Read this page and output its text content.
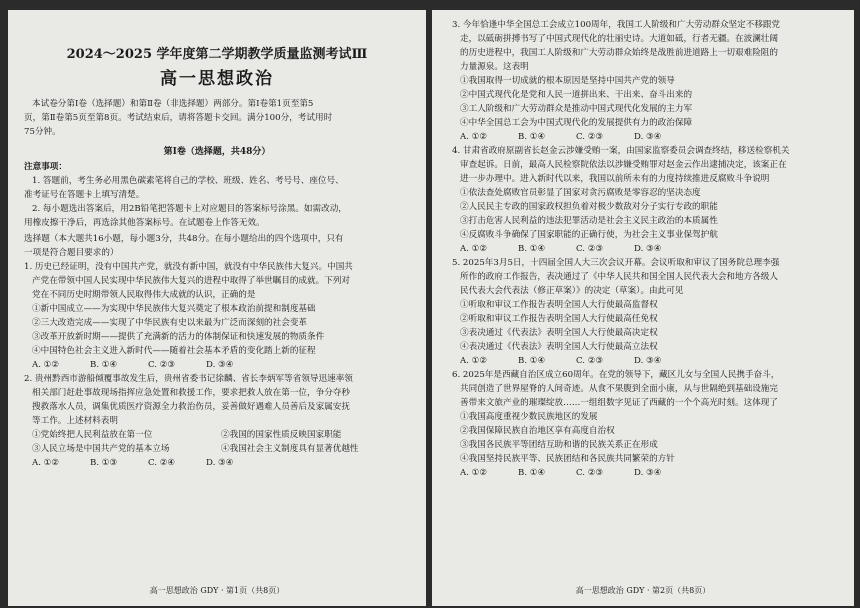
2024～2025 学年度第二学期教学质量监测考试Ⅲ
高一思想政治
本试卷分第Ⅰ卷（选择题）和第Ⅱ卷（非选择题）两部分。第Ⅰ卷第1页至第5
页，第Ⅱ卷第5页至第8页。考试结束后，请将答题卡交回。满分100分，考试用时
75分钟。
第Ⅰ卷（选择题，共48分）
注意事项：
1. 答题前，考生务必用黑色碳素笔将自己的学校、班级、姓名、考号号、座位号、
准考证号在答题卡上填写清楚。
2. 每小题选出答案后，用2B铅笔把答题卡上对应题目的答案标号涂黑。如需改动，
用橡皮擦干净后，再选涂其他答案标号。在试题卷上作答无效。
选择题（本大题共16小题，每小题3分，共48分。在每小题给出的四个选项中，只有
一项是符合题目要求的）
1. 历史已经证明，没有中国共产党，就没有新中国，就没有中华民族伟大复兴。中国共
产党在带领中国人民实现中华民族伟大复兴的进程中取得了举世瞩目的成就。下列对
党在不同历史时期带领人民取得伟大成就的认识，正确的是
①新中国成立——为实现中华民族伟大复兴奠定了根本政治前提和制度基础
②三大改造完成——实现了中华民族有史以来最为广泛而深刻的社会变革
③改革开放新时期——提供了充满新的活力的体制保证和快速发展的物质条件
④中国特色社会主义进入新时代——随着社会基本矛盾的变化踏上新的征程
A. ①②	B. ①④	C. ②③	D. ③④
2. 贵州黔西市游船倾覆事故发生后，贵州省委书记徐麟、省长李炳军等省领导迅速率领
相关部门赶赴事故现场指挥应急处置和救援工作，要求把救人放在第一位，争分夺秒
搜救落水人员，调集优质医疗资源全力救治伤员，妥善做好遇难人员善后及家属安抚
等工作。上述材料表明
①党始终把人民利益放在第一位	②我国的国家性质反映国家职能
③人民立场是中国共产党的基本立场	④我国社会主义制度具有显著优越性
A. ①②	B. ①③	C. ②④	D. ③④
高一思想政治 GDY · 第1页（共8页）
3. 今年恰逢中华全国总工会成立100周年，我国工人阶级和广大劳动群众坚定不移跟党
走，以砥砺拼搏书写了中国式现代化的壮丽史诗。大道如砥，行者无疆。在波澜壮阔
的历史进程中，我国工人阶级和广大劳动群众始终是战胜前进道路上一切艰难险阻的
力量源泉。这表明
①我国取得一切成就的根本原因是坚持中国共产党的领导
②中国式现代化是党和人民一道拼出来、干出来、奋斗出来的
③工人阶级和广大劳动群众是推动中国式现代化发展的主力军
④中华全国总工会为中国式现代化的发展提供有力的政治保障
A. ①②	B. ①④	C. ②③	D. ③④
4. 甘肃省政府原副省长赵金云涉嫌受贿一案，由国家监察委员会调查终结，移送检察机关
审查起诉。日前，最高人民检察院依法以涉嫌受贿罪对赵金云作出逮捕决定，该案正在
进一步办理中。进入新时代以来，我国以前所未有的力度持续推进反腐败斗争说明
①依法查处腐败官员彰显了国家对贪污腐败是零容忍的坚决态度
②人民民主专政的国家政权担负着对极少数敌对分子实行专政的职能
③打击危害人民利益的违法犯罪活动是社会主义民主政治的本质属性
④反腐败斗争确保了国家职能的正确行使，为社会主义事业保驾护航
A. ①②	B. ①④	C. ②③	D. ③④
5. 2025年3月5日，十四届全国人大三次会议开幕。会议听取和审议了国务院总理李强
所作的政府工作报告，表决通过了《中华人民共和国全国人民代表大会和地方各级人
民代表大会代表法（修正草案）》的决定（草案）。由此可见
①听取和审议工作报告表明全国人大行使最高监督权
②听取和审议工作报告表明全国人大行使最高任免权
③表决通过《代表法》表明全国人大行使最高决定权
④表决通过《代表法》表明全国人大行使最高立法权
A. ①②	B. ①④	C. ②③	D. ③④
6. 2025年是西藏自治区成立60周年。在党的领导下，藏区儿女与全国人民携手奋斗，
共同创造了世界屋脊的人间奇迹。从食不果腹到全面小康，从与世隔绝到基础设施完
善带来文旅产业的璀璨绽放……一组组数字见证了西藏的一个个高光时刻。这体现了
①我国高度重视少数民族地区的发展
②我国保障民族自治地区享有高度自治权
③我国各民族平等团结互助和谐的民族关系正在形成
④我国坚持民族平等、民族团结和各民族共同繁荣的方针
A. ①②	B. ①④	C. ②③	D. ③④
高一思想政治 GDY · 第2页（共8页）
